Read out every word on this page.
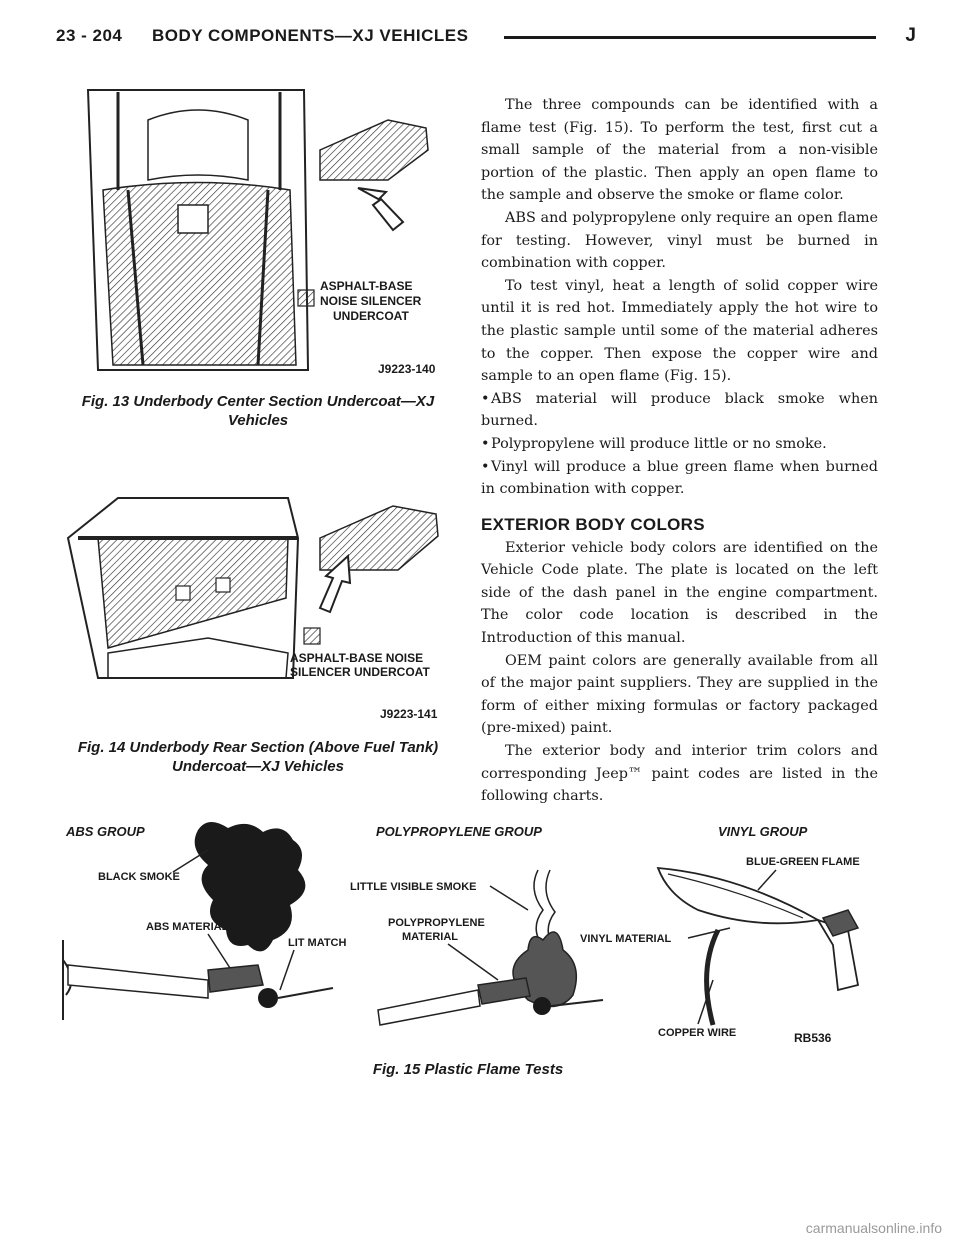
23 - 204 BODY COMPONENTS—XJ VEHICLES	J
ASPHALT-BASE
NOISE SILENCER
UNDERCOAT
J9223-140
Fig. 13 Underbody Center Section Undercoat—XJ
Vehicles
ASPHALT-BASE NOISE
SILENCER UNDERCOAT
J9223-141
Fig. 14 Underbody Rear Section (Above Fuel Tank)
Undercoat—XJ Vehicles

The three compounds can be identified with a flame test (Fig. 15). To perform the test, first cut a small sample of the material from a non-visible portion of the plastic. Then apply an open flame to the sample and observe the smoke or flame color.

ABS and polypropylene only require an open flame for testing. However, vinyl must be burned in combination with copper.

To test vinyl, heat a length of solid copper wire until it is red hot. Immediately apply the hot wire to the plastic sample until some of the material adheres to the copper. Then expose the copper wire and sample to an open flame (Fig. 15).

• ABS material will produce black smoke when burned.

• Polypropylene will produce little or no smoke.

• Vinyl will produce a blue green flame when burned in combination with copper.

EXTERIOR BODY COLORS

Exterior vehicle body colors are identified on the Vehicle Code plate. The plate is located on the left side of the dash panel in the engine compartment. The color code location is described in the Introduction of this manual.

OEM paint colors are generally available from all of the major paint suppliers. They are supplied in the form of either mixing formulas or factory packaged (pre-mixed) paint.

The exterior body and interior trim colors and corresponding Jeep™ paint codes are listed in the following charts.

ABS GROUP	POLYPROPYLENE GROUP	VINYL GROUP
BLACK SMOKE
ABS MATERIAL
LIT MATCH
LITTLE VISIBLE SMOKE
POLYPROPYLENE
MATERIAL
BLUE-GREEN FLAME
VINYL MATERIAL
COPPER WIRE	RB536
Fig. 15 Plastic Flame Tests
carmanualsonline.info
